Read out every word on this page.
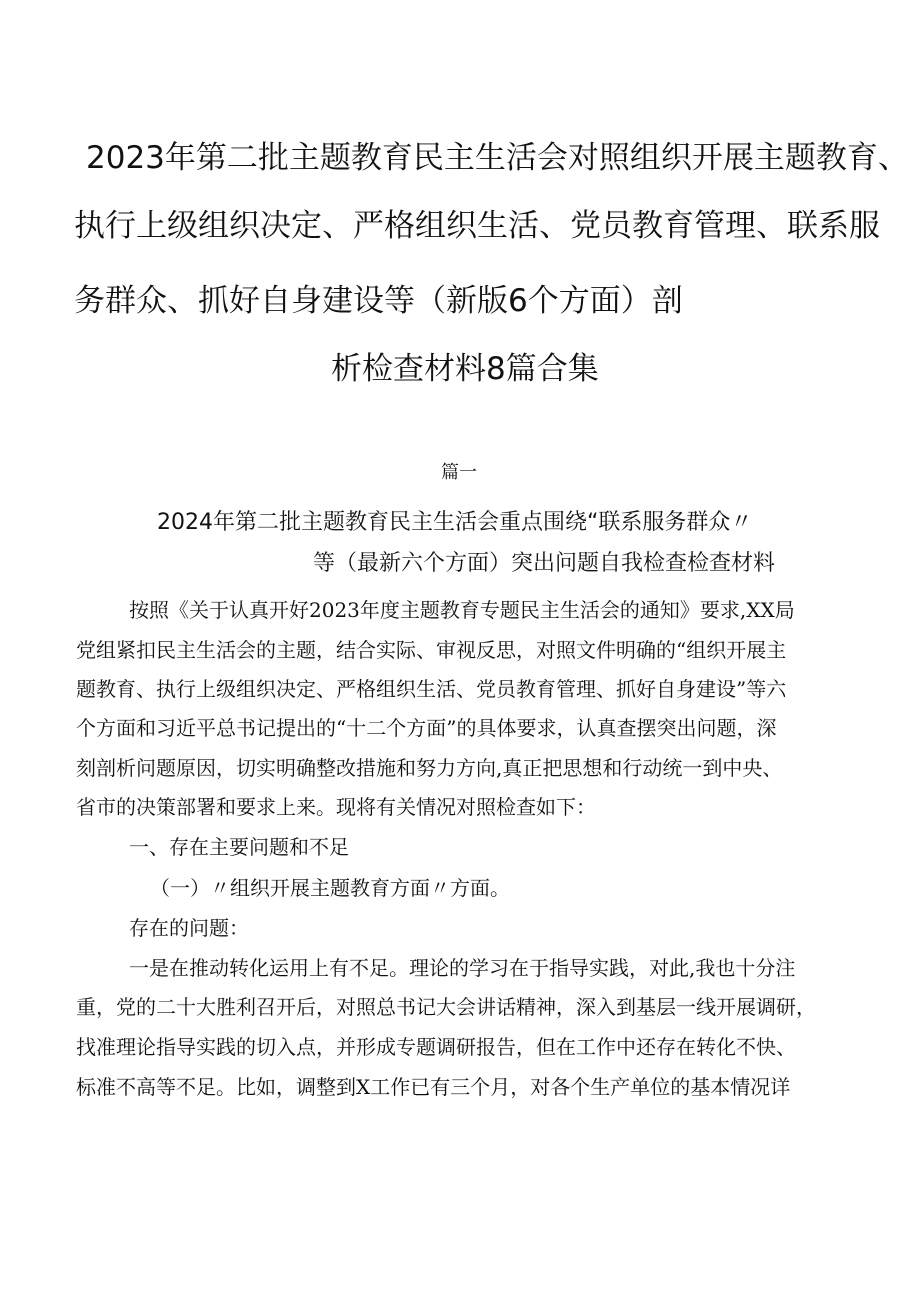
2023年第二批主题教育民主生活会对照组织开展主题教育、
执行上级组织决定、严格组织生活、党员教育管理、联系服
务群众、抓好自身建设等（新版6个方面）剖
析检查材料8篇合集
篇一
2024年第二批主题教育民主生活会重点围绕“联系服务群众〃
等（最新六个方面）突出问题自我检查检查材料
按照《关于认真开好2023年度主题教育专题民主生活会的通知》要求,XX局
党组紧扣民主生活会的主题，结合实际、审视反思，对照文件明确的“组织开展主
题教育、执行上级组织决定、严格组织生活、党员教育管理、抓好自身建设”等六
个方面和习近平总书记提出的“十二个方面”的具体要求，认真查摆突出问题，深
刻剖析问题原因，切实明确整改措施和努力方向,真正把思想和行动统一到中央、
省市的决策部署和要求上来。现将有关情况对照检查如下：
一、存在主要问题和不足
（一）〃组织开展主题教育方面〃方面。
存在的问题：
一是在推动转化运用上有不足。理论的学习在于指导实践，对此,我也十分注
重，党的二十大胜利召开后，对照总书记大会讲话精神，深入到基层一线开展调研，
找准理论指导实践的切入点，并形成专题调研报告，但在工作中还存在转化不快、
标准不高等不足。比如，调整到X工作已有三个月，对各个生产单位的基本情况详
